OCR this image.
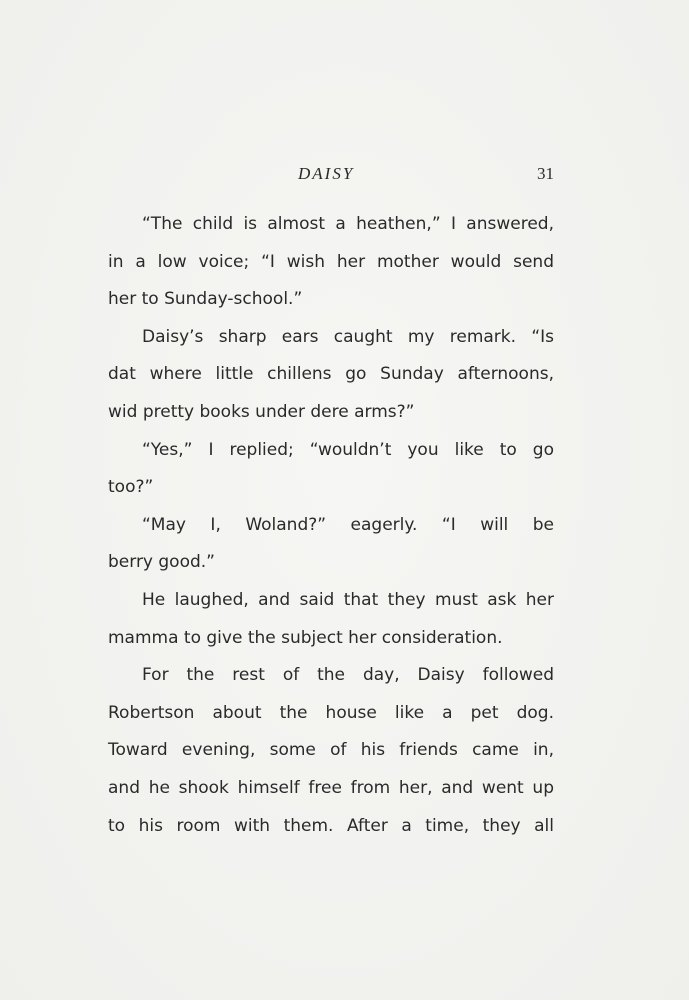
DAISY	31
“The child is almost a heathen,” I answered,
in a low voice; “I wish her mother would send
her to Sunday-school.”
Daisy’s sharp ears caught my remark. “Is
dat where little chillens go Sunday afternoons,
wid pretty books under dere arms?”
“Yes,” I replied; “wouldn’t you like to go
too?”
“May I, Woland?” eagerly. “I will be
berry good.”
He laughed, and said that they must ask her
mamma to give the subject her consideration.
For the rest of the day, Daisy followed
Robertson about the house like a pet dog.
Toward evening, some of his friends came in,
and he shook himself free from her, and went up
to his room with them. After a time, they all
